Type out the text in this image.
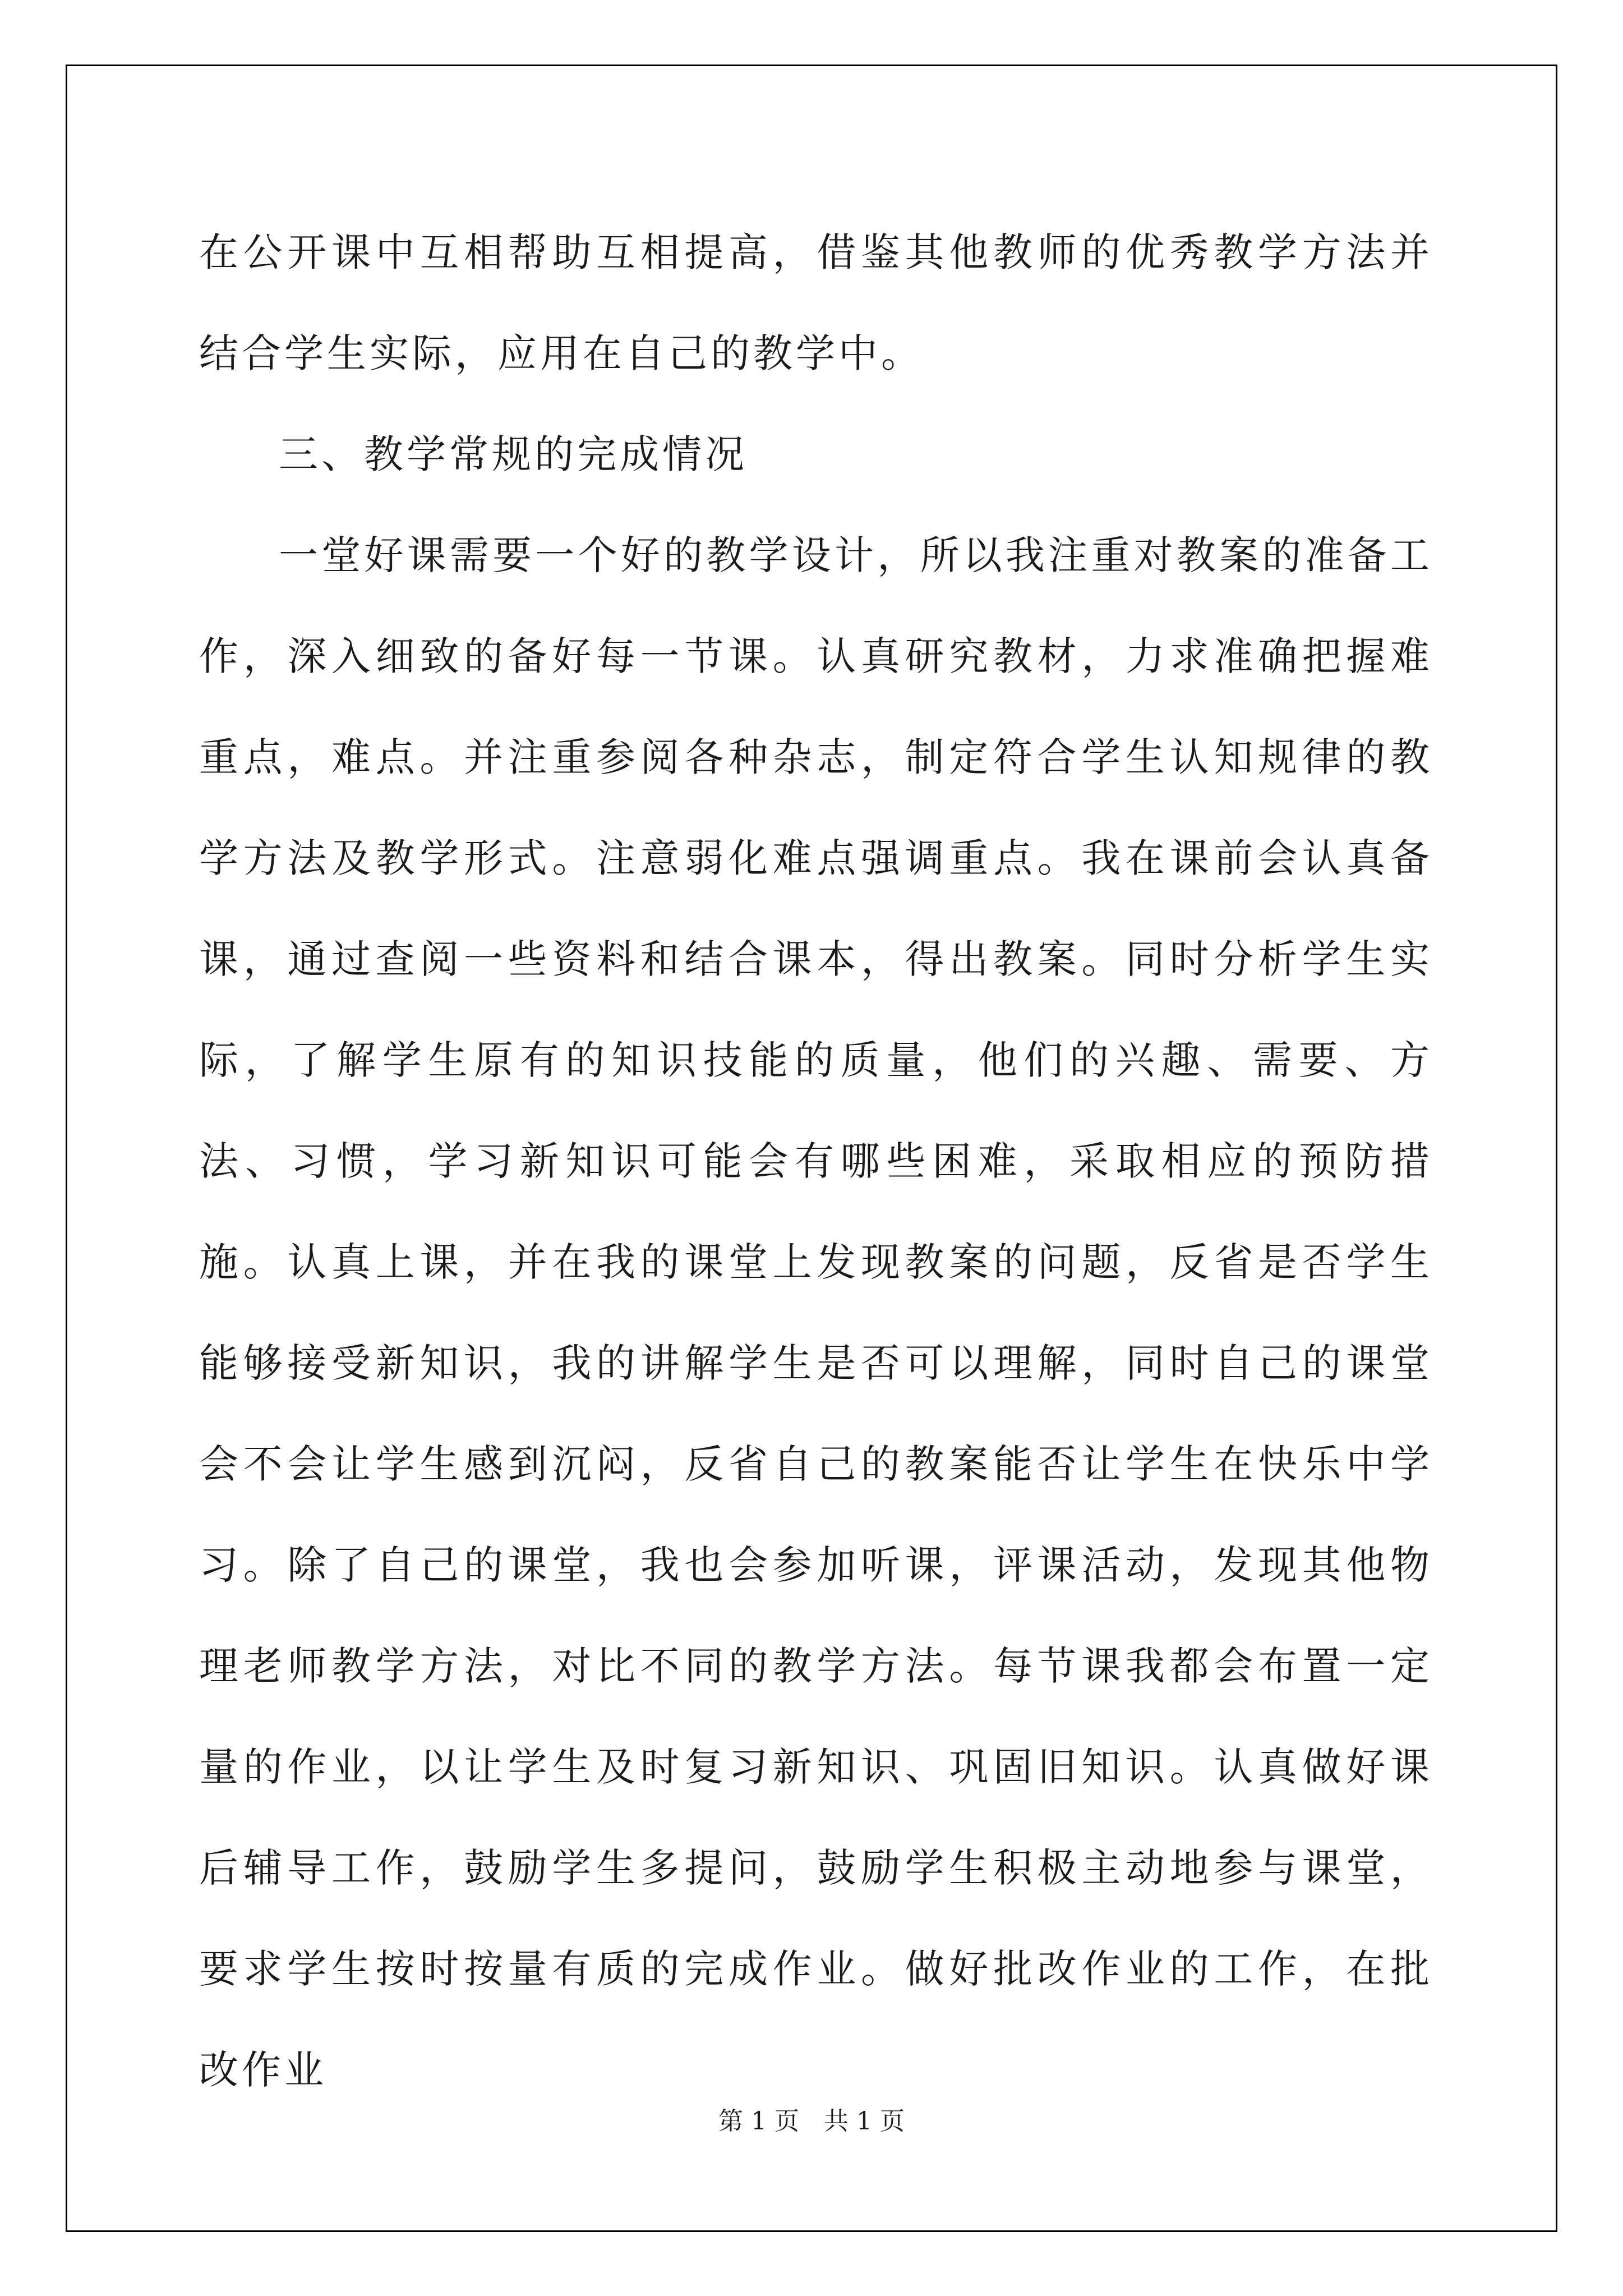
在公开课中互相帮助互相提高，借鉴其他教师的优秀教学方法并结合学生实际，应用在自己的教学中。

三、教学常规的完成情况

一堂好课需要一个好的教学设计，所以我注重对教案的准备工作，深入细致的备好每一节课。认真研究教材，力求准确把握难重点，难点。并注重参阅各种杂志，制定符合学生认知规律的教学方法及教学形式。注意弱化难点强调重点。我在课前会认真备课，通过查阅一些资料和结合课本，得出教案。同时分析学生实际，了解学生原有的知识技能的质量，他们的兴趣、需要、方法、习惯，学习新知识可能会有哪些困难，采取相应的预防措施。认真上课，并在我的课堂上发现教案的问题，反省是否学生能够接受新知识，我的讲解学生是否可以理解，同时自己的课堂会不会让学生感到沉闷，反省自己的教案能否让学生在快乐中学习。除了自己的课堂，我也会参加听课，评课活动，发现其他物理老师教学方法，对比不同的教学方法。每节课我都会布置一定量的作业，以让学生及时复习新知识、巩固旧知识。认真做好课后辅导工作，鼓励学生多提问，鼓励学生积极主动地参与课堂，要求学生按时按量有质的完成作业。做好批改作业的工作，在批改作业

第 1 页　共 1 页
